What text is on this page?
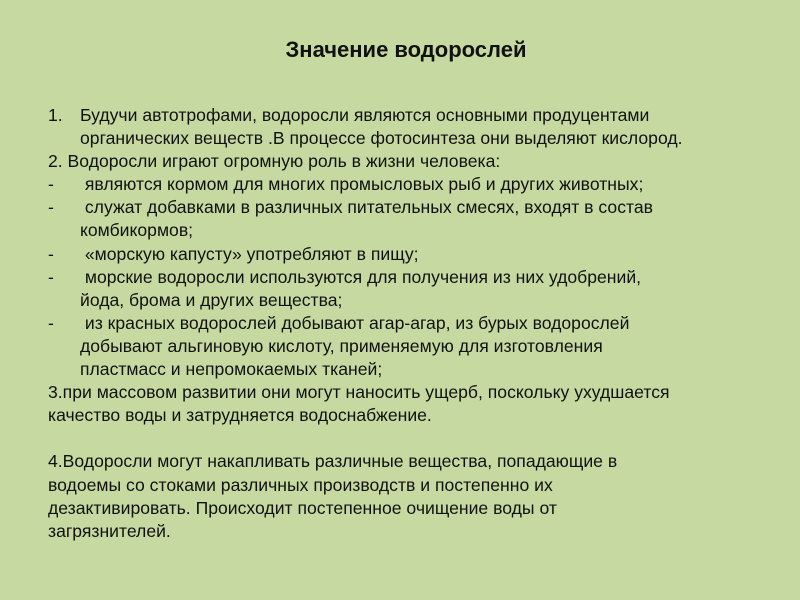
Значение водорослей
1. Будучи автотрофами, водоросли являются основными продуцентами
органических веществ .В процессе фотосинтеза они выделяют кислород.
2. Водоросли играют огромную роль в жизни человека:
- являются кормом для многих промысловых рыб и других животных;
- служат добавками в различных питательных смесях, входят в состав
комбикормов;
- «морскую капусту» употребляют в пищу;
- морские водоросли используются для получения из них удобрений,
йода, брома и других вещества;
- из красных водорослей добывают агар-агар, из бурых водорослей
добывают альгиновую кислоту, применяемую для изготовления
пластмасс и непромокаемых тканей;
3.при массовом развитии они могут наносить ущерб, поскольку ухудшается
качество воды и затрудняется водоснабжение.
4.Водоросли могут накапливать различные вещества, попадающие в
водоемы со стоками различных производств и постепенно их
дезактивировать. Происходит постепенное очищение воды от
загрязнителей.
